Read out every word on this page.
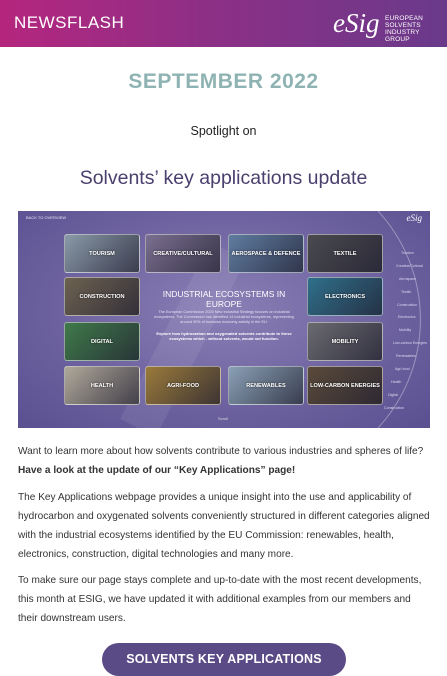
NEWSFLASH	eSig EUROPEAN
SOLVENTS INDUSTRY
GROUP
SEPTEMBER 2022
Spotlight on
Solvents’ key applications update
BACK TO OVERVIEW	eSig
TOURISM	CREATIVE/CULTURAL	AEROSPACE & DEFENCE	TEXTILE
CONSTRUCTION	ELECTRONICS
DIGITAL	MOBILITY
HEALTH	AGRI-FOOD	RENEWABLES	LOW-CARBON ENERGIES
INDUSTRIAL ECOSYSTEMS IN EUROPE
The European Commission 2020 New Industrial Strategy focuses on industrial ecosystems. The Commission has identified 14 industrial ecosystems, representing around 90% of business economy activity in the EU.
Explore how hydrocarbon and oxygenated solvents contribute to these ecosystems which - without solvents, would not function.
Tourism
Creative/Cultural
Aerospace
Textile
Construction
Electronics
Mobility
Low-carbon Energies
Renewables
Agri-food
Health
Digital
Construction
Scroll
Want to learn more about how solvents contribute to various industries and spheres of life? Have a look at the update of our “Key Applications” page!
The Key Applications webpage provides a unique insight into the use and applicability of hydrocarbon and oxygenated solvents conveniently structured in different categories aligned with the industrial ecosystems identified by the EU Commission: renewables, health, electronics, construction, digital technologies and many more.
To make sure our page stays complete and up-to-date with the most recent developments, this month at ESIG, we have updated it with additional examples from our members and their downstream users.
SOLVENTS KEY APPLICATIONS
